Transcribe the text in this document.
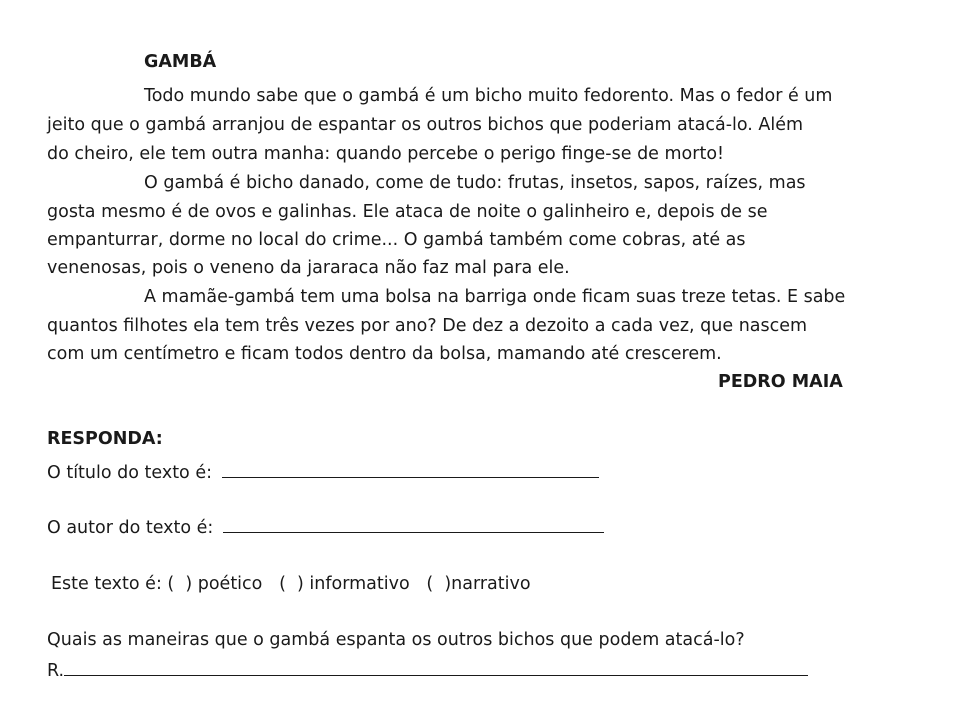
GAMBÁ
Todo mundo sabe que o gambá é um bicho muito fedorento. Mas o fedor é um
jeito que o gambá arranjou de espantar os outros bichos que poderiam atacá-lo. Além
do cheiro, ele tem outra manha: quando percebe o perigo finge-se de morto!
O gambá é bicho danado, come de tudo: frutas, insetos, sapos, raízes, mas
gosta mesmo é de ovos e galinhas. Ele ataca de noite o galinheiro e, depois de se
empanturrar, dorme no local do crime... O gambá também come cobras, até as
venenosas, pois o veneno da jararaca não faz mal para ele.
A mamãe-gambá tem uma bolsa na barriga onde ficam suas treze tetas. E sabe
quantos filhotes ela tem três vezes por ano? De dez a dezoito a cada vez, que nascem
com um centímetro e ficam todos dentro da bolsa, mamando até crescerem.
PEDRO MAIA
RESPONDA:
O título do texto é:
O autor do texto é:
Este texto é: (  ) poético   (  ) informativo   (  )narrativo
Quais as maneiras que o gambá espanta os outros bichos que podem atacá-lo?
R.
